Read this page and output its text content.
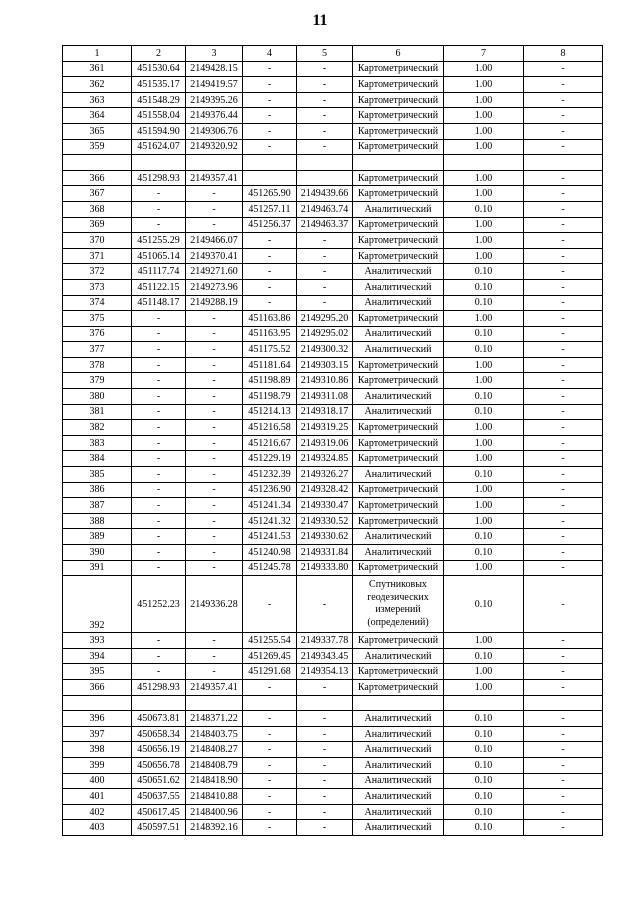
11
1	2	3	4	5	6	7	8
361	451530.64	2149428.15	-	-	Картометрический	1.00	-
362	451535.17	2149419.57	-	-	Картометрический	1.00	-
363	451548.29	2149395.26	-	-	Картометрический	1.00	-
364	451558.04	2149376.44	-	-	Картометрический	1.00	-
365	451594.90	2149306.76	-	-	Картометрический	1.00	-
359	451624.07	2149320.92	-	-	Картометрический	1.00	-

366	451298.93	2149357.41			Картометрический	1.00	-
367	-	-	451265.90	2149439.66	Картометрический	1.00	-
368	-	-	451257.11	2149463.74	Аналитический	0.10	-
369	-	-	451256.37	2149463.37	Картометрический	1.00	-
370	451255.29	2149466.07	-	-	Картометрический	1.00	-
371	451065.14	2149370.41	-	-	Картометрический	1.00	-
372	451117.74	2149271.60	-	-	Аналитический	0.10	-
373	451122.15	2149273.96	-	-	Аналитический	0.10	-
374	451148.17	2149288.19	-	-	Аналитический	0.10	-
375	-	-	451163.86	2149295.20	Картометрический	1.00	-
376	-	-	451163.95	2149295.02	Аналитический	0.10	-
377	-	-	451175.52	2149300.32	Аналитический	0.10	-
378	-	-	451181.64	2149303.15	Картометрический	1.00	-
379	-	-	451198.89	2149310.86	Картометрический	1.00	-
380	-	-	451198.79	2149311.08	Аналитический	0.10	-
381	-	-	451214.13	2149318.17	Аналитический	0.10	-
382	-	-	451216.58	2149319.25	Картометрический	1.00	-
383	-	-	451216.67	2149319.06	Картометрический	1.00	-
384	-	-	451229.19	2149324.85	Картометрический	1.00	-
385	-	-	451232.39	2149326.27	Аналитический	0.10	-
386	-	-	451236.90	2149328.42	Картометрический	1.00	-
387	-	-	451241.34	2149330.47	Картометрический	1.00	-
388	-	-	451241.32	2149330.52	Картометрический	1.00	-
389	-	-	451241.53	2149330.62	Аналитический	0.10	-
390	-	-	451240.98	2149331.84	Аналитический	0.10	-
391	-	-	451245.78	2149333.80	Картометрический	1.00	-
392	451252.23	2149336.28	-	-	Спутниковых геодезических измерений (определений)	0.10	-
393	-	-	451255.54	2149337.78	Картометрический	1.00	-
394	-	-	451269.45	2149343.45	Аналитический	0.10	-
395	-	-	451291.68	2149354.13	Картометрический	1.00	-
366	451298.93	2149357.41	-	-	Картометрический	1.00	-

396	450673.81	2148371.22	-	-	Аналитический	0.10	-
397	450658.34	2148403.75	-	-	Аналитический	0.10	-
398	450656.19	2148408.27	-	-	Аналитический	0.10	-
399	450656.78	2148408.79	-	-	Аналитический	0.10	-
400	450651.62	2148418.90	-	-	Аналитический	0.10	-
401	450637.55	2148410.88	-	-	Аналитический	0.10	-
402	450617.45	2148400.96	-	-	Аналитический	0.10	-
403	450597.51	2148392.16	-	-	Аналитический	0.10	-
